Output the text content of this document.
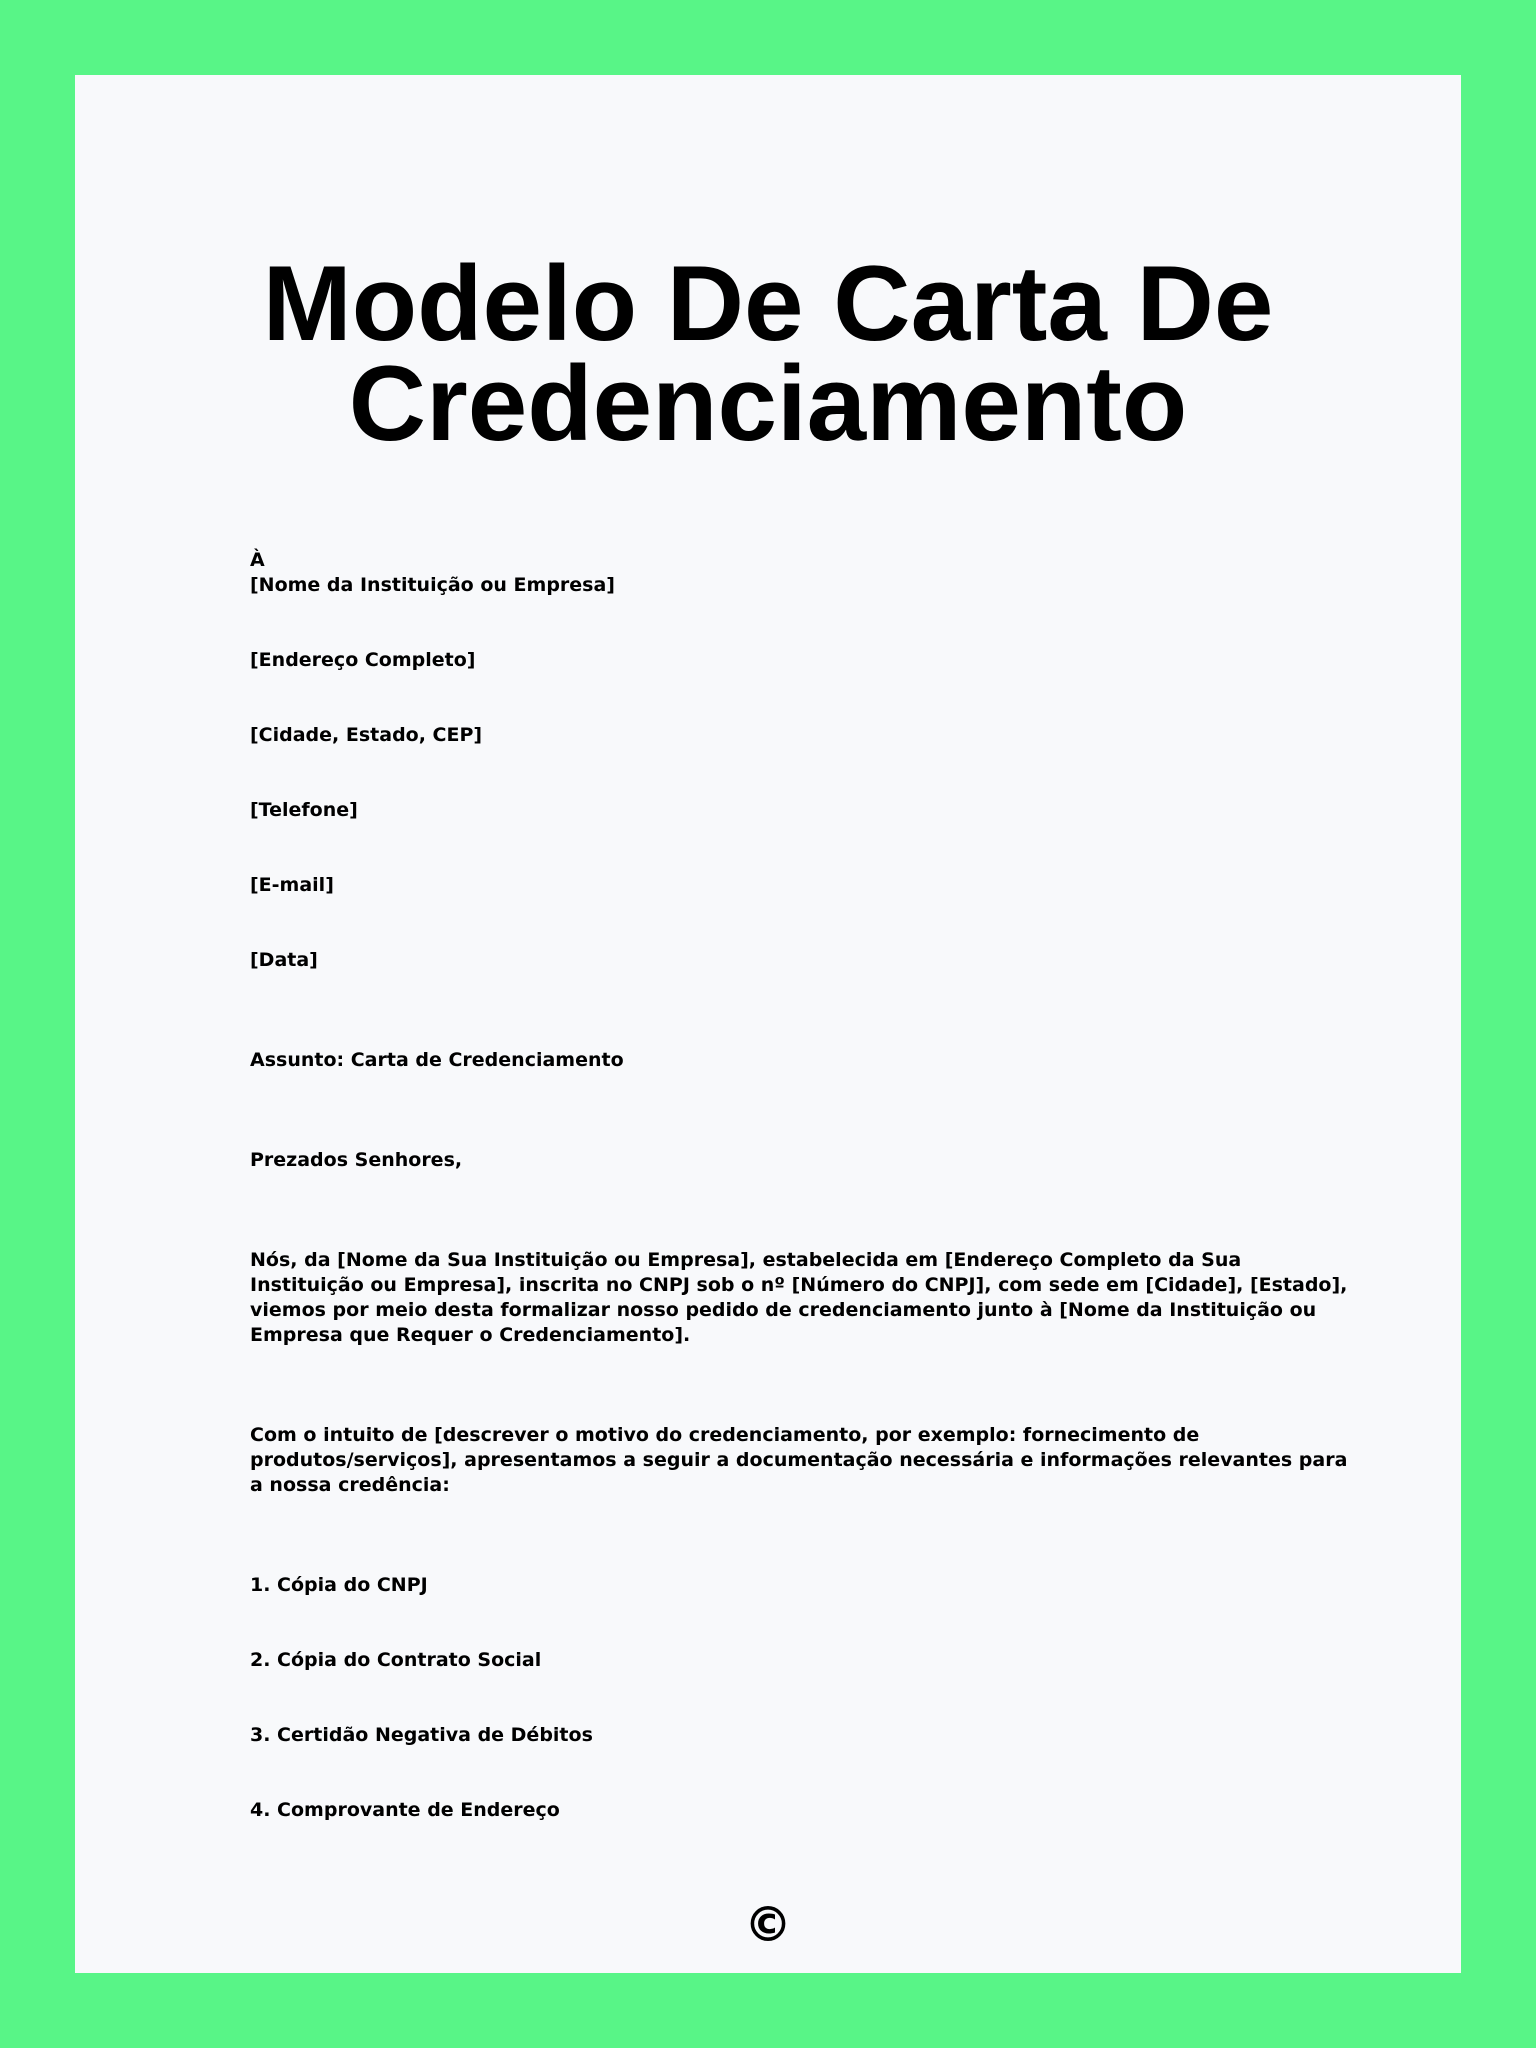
Modelo De Carta De Credenciamento
À
[Nome da Instituição ou Empresa]
[Endereço Completo]
[Cidade, Estado, CEP]
[Telefone]
[E-mail]
[Data]
Assunto: Carta de Credenciamento
Prezados Senhores,
Nós, da [Nome da Sua Instituição ou Empresa], estabelecida em [Endereço Completo da Sua Instituição ou Empresa], inscrita no CNPJ sob o nº [Número do CNPJ], com sede em [Cidade], [Estado], viemos por meio desta formalizar nosso pedido de credenciamento junto à [Nome da Instituição ou Empresa que Requer o Credenciamento].
Com o intuito de [descrever o motivo do credenciamento, por exemplo: fornecimento de produtos/serviços], apresentamos a seguir a documentação necessária e informações relevantes para a nossa credência:
1. Cópia do CNPJ
2. Cópia do Contrato Social
3. Certidão Negativa de Débitos
4. Comprovante de Endereço
©
